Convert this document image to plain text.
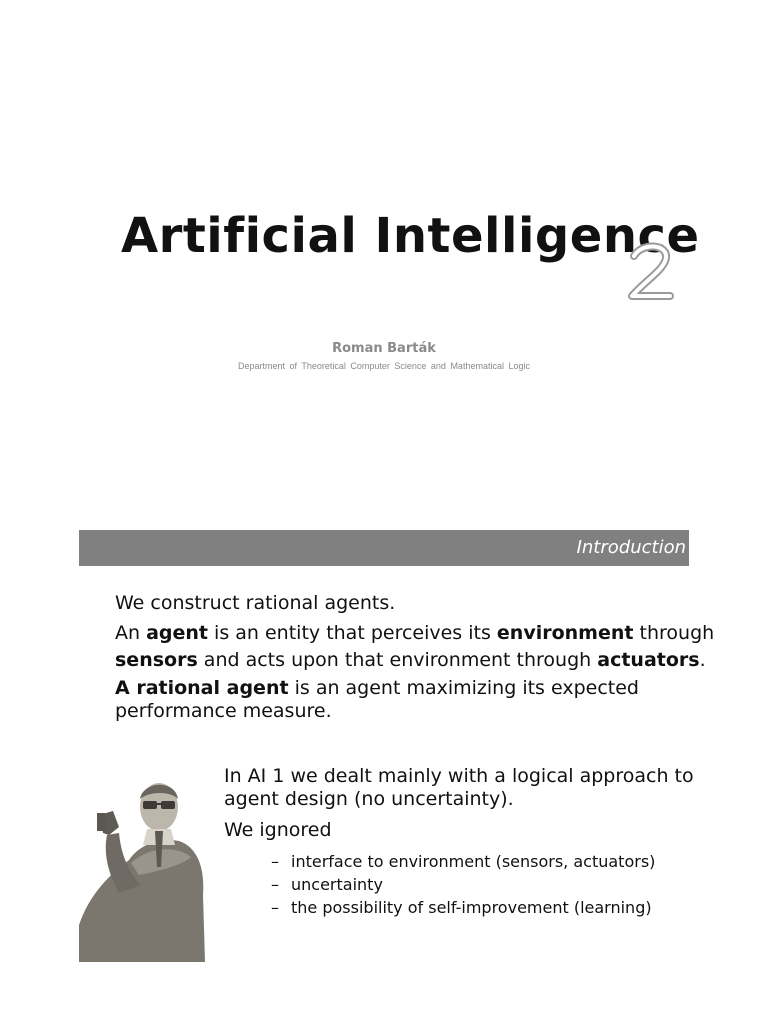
Artificial Intelligence
Roman Barták
Department of Theoretical Computer Science and Mathematical Logic
Introduction

We construct rational agents.

An agent is an entity that perceives its environment through sensors and acts upon that environment through actuators.

A rational agent is an agent maximizing its expected performance measure.

In AI 1 we dealt mainly with a logical approach to agent design (no uncertainty).

We ignored

– interface to environment (sensors, actuators)
– uncertainty
– the possibility of self-improvement (learning)
